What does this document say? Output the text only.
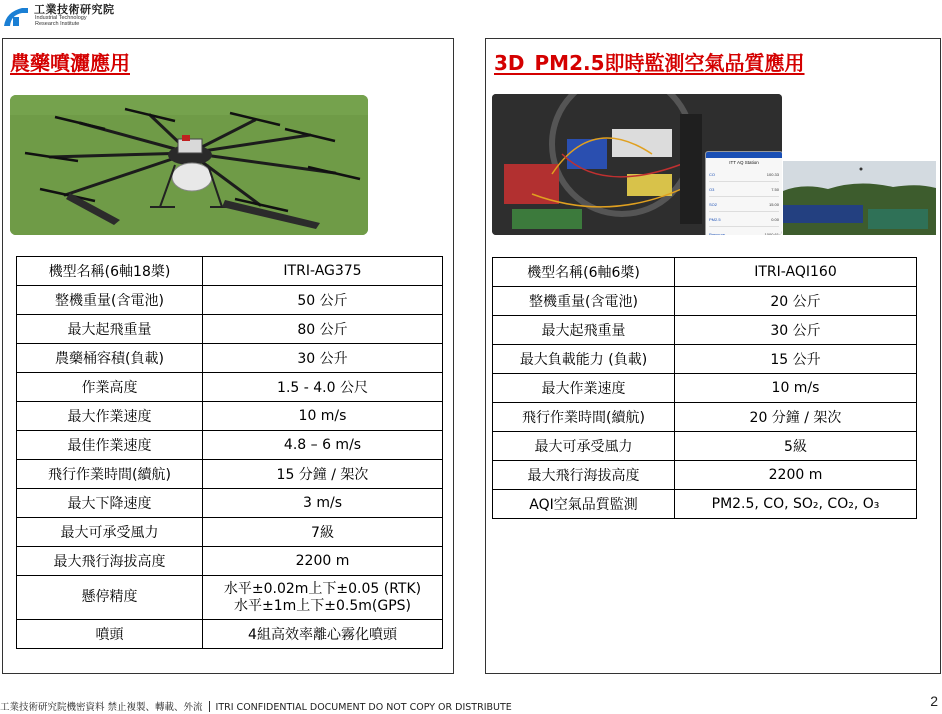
工業技術研究院
Industrial Technology
Research Institute
農藥噴灑應用
機型名稱(6軸18槳)	ITRI-AG375
整機重量(含電池)	50 公斤
最大起飛重量	80 公斤
農藥桶容積(負載)	30 公升
作業高度	1.5 - 4.0 公尺
最大作業速度	10 m/s
最佳作業速度	4.8 – 6 m/s
飛行作業時間(續航)	15 分鐘 / 架次
最大下降速度	3 m/s
最大可承受風力	7級
最大飛行海拔高度	2200 m
懸停精度	水平±0.02m上下±0.05 (RTK)
水平±1m上下±0.5m(GPS)

噴頭	4組高效率離心霧化噴頭
3D_PM2.5即時監測空氣品質應用
ITT AQ Station
CO	100.33
O3	7.50
SO2	15.00
PM2.5	0.00
Pressure	1000.61
機型名稱(6軸6槳)	ITRI-AQI160
整機重量(含電池)	20 公斤
最大起飛重量	30 公斤
最大負載能力 (負載)	15 公升
最大作業速度	10 m/s
飛行作業時間(續航)	20 分鐘 / 架次
最大可承受風力	5級
最大飛行海拔高度	2200 m
AQI空氣品質監測	PM2.5, CO, SO₂, CO₂, O₃
工業技術研究院機密資料 禁止複製、轉載、外流 ITRI CONFIDENTIAL DOCUMENT DO NOT COPY OR DISTRIBUTE	2
